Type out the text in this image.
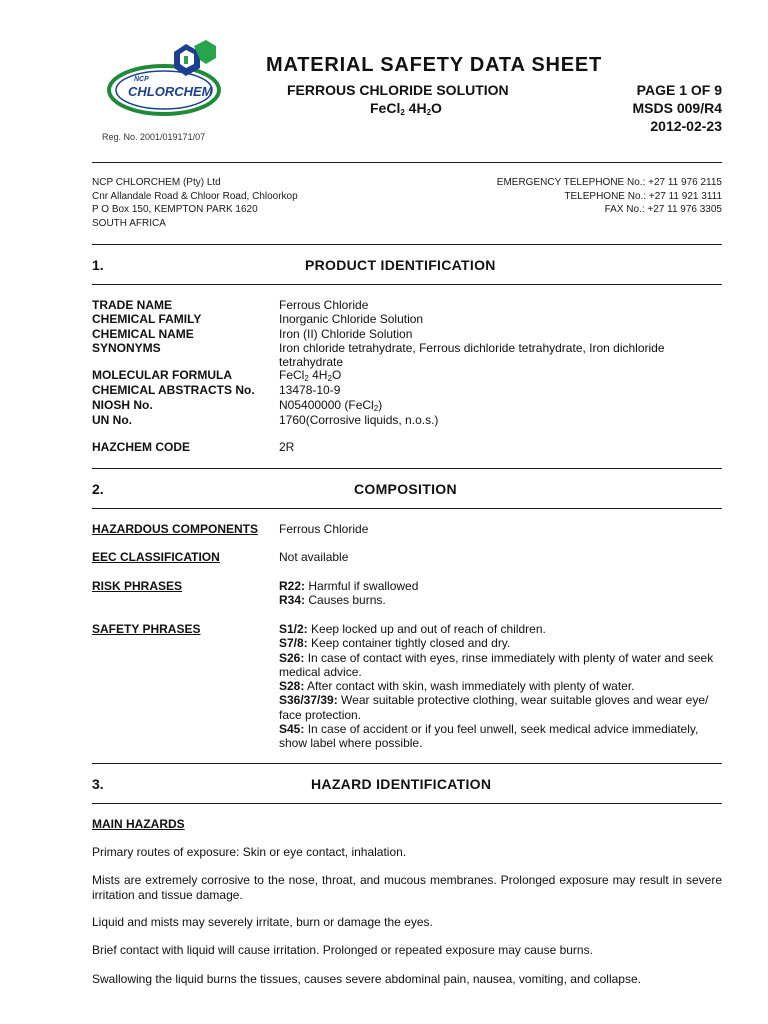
NCP
CHLORCHEM
Reg. No. 2001/019171/07
MATERIAL SAFETY DATA SHEET
FERROUS CHLORIDE SOLUTION
FeCl$_2$ $4H_2O$
PAGE 1 OF 9
MSDS 009/R4
2012-02-23
NCP CHLORCHEM (Pty) Ltd
Cnr Allandale Road & Chloor Road, Chloorkop
P O Box 150, KEMPTON PARK 1620
SOUTH AFRICA
EMERGENCY TELEPHONE No.: +27 11 976 2115
TELEPHONE No.: +27 11 921 3111
FAX No.: +27 11 976 3305
1.	PRODUCT IDENTIFICATION
TRADE NAME	Ferrous Chloride
CHEMICAL FAMILY	Inorganic Chloride Solution
CHEMICAL NAME	Iron (II) Chloride Solution
SYNONYMS	Iron chloride tetrahydrate, Ferrous dichloride tetrahydrate, Iron dichloride tetrahydrate
MOLECULAR FORMULA	FeCl$_2$ $4H_2O$
CHEMICAL ABSTRACTS No. 13478-10-9
NIOSH No.	N05400000 (FeCl$_2$)
UN No.	1760(Corrosive liquids, n.o.s.)
HAZCHEM CODE	2R
2.	COMPOSITION
HAZARDOUS COMPONENTS Ferrous Chloride
EEC CLASSIFICATION	Not available
RISK PHRASES	R22: Harmful if swallowed
R34: Causes burns.
SAFETY PHRASES	S1/2: Keep locked up and out of reach of children.
S7/8: Keep container tightly closed and dry.
S26: In case of contact with eyes, rinse immediately with plenty of water and seek medical advice.
S28: After contact with skin, wash immediately with plenty of water.
S36/37/39: Wear suitable protective clothing, wear suitable gloves and wear eye/ face protection.
S45: In case of accident or if you feel unwell, seek medical advice immediately, show label where possible.
3.	HAZARD IDENTIFICATION
MAIN HAZARDS
Primary routes of exposure: Skin or eye contact, inhalation.
Mists are extremely corrosive to the nose, throat, and mucous membranes. Prolonged exposure may result in severe irritation and tissue damage.
Liquid and mists may severely irritate, burn or damage the eyes.
Brief contact with liquid will cause irritation. Prolonged or repeated exposure may cause burns.
Swallowing the liquid burns the tissues, causes severe abdominal pain, nausea, vomiting, and collapse.
